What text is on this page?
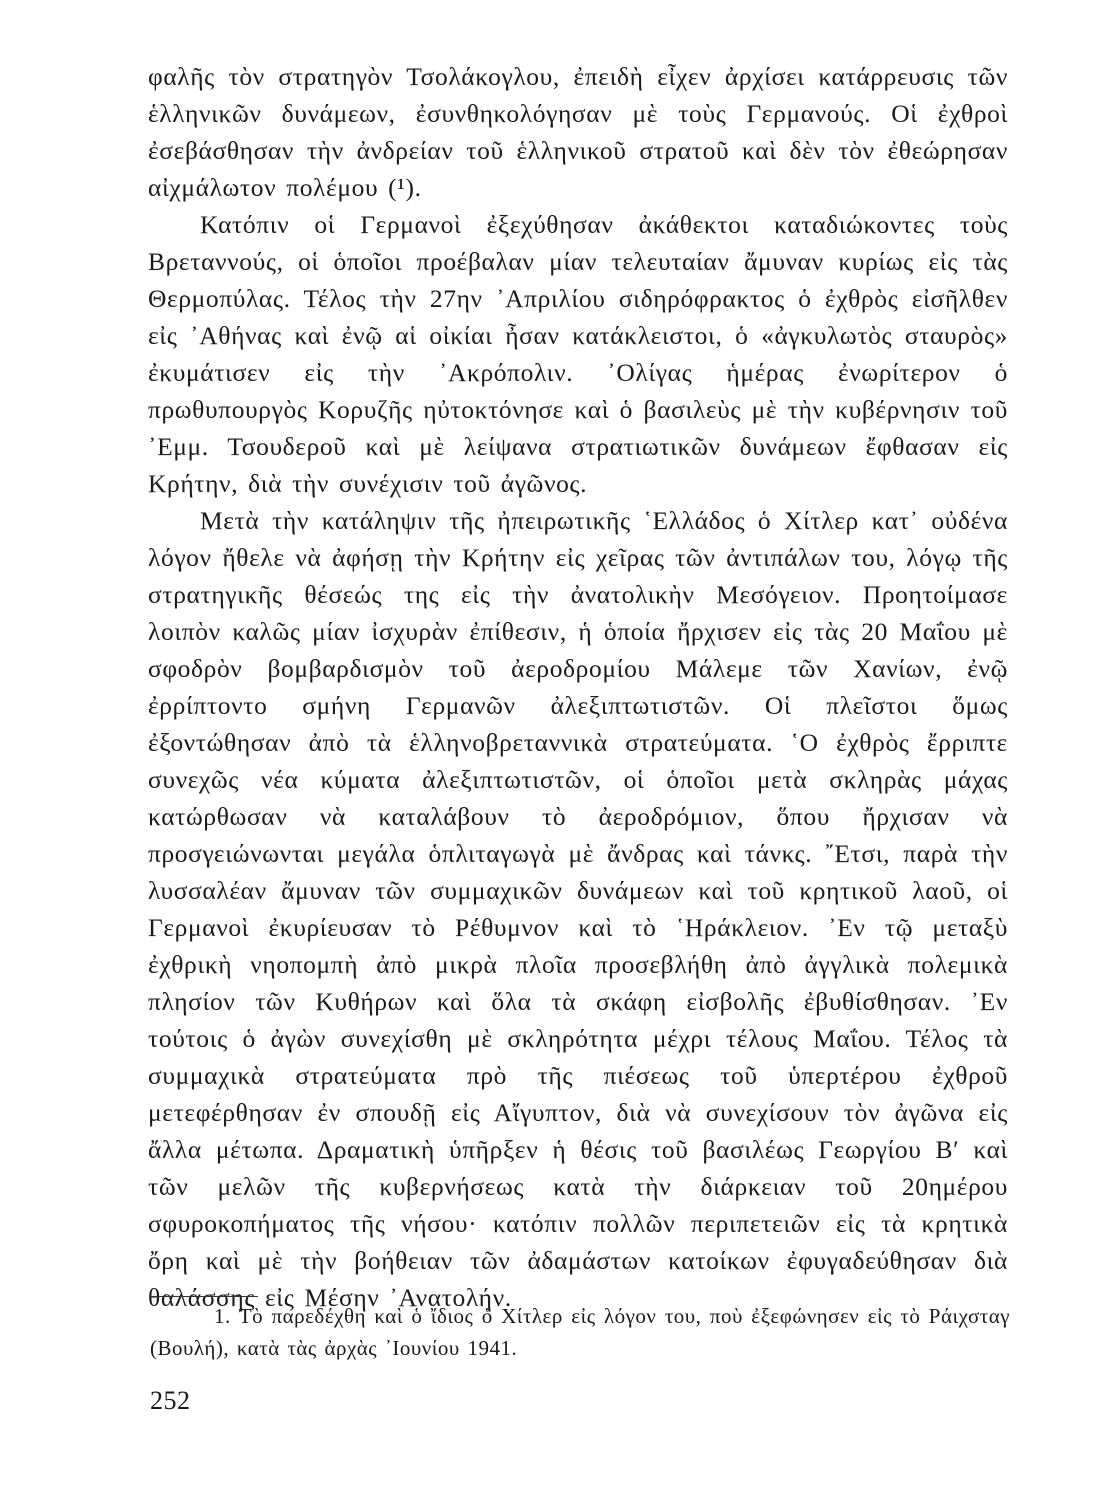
φαλῆς τὸν στρατηγὸν Τσολάκογλου, ἐπειδὴ εἶχεν ἀρχίσει κατάρρευσις τῶν ἑλληνικῶν δυνάμεων, ἐσυνθηκολόγησαν μὲ τοὺς Γερμανούς. Οἱ ἐχθροὶ ἐσεβάσθησαν τὴν ἀνδρείαν τοῦ ἑλληνικοῦ στρατοῦ καὶ δὲν τὸν ἐθεώρησαν αἰχμάλωτον πολέμου (¹).

Κατόπιν οἱ Γερμανοὶ ἐξεχύθησαν ἀκάθεκτοι καταδιώκοντες τοὺς Βρεταννούς, οἱ ὁποῖοι προέβαλαν μίαν τελευταίαν ἄμυναν κυρίως εἰς τὰς Θερμοπύλας. Τέλος τὴν 27ην ᾿Απριλίου σιδηρόφρακτος ὁ ἐχθρὸς εἰσῆλθεν εἰς ᾿Αθήνας καὶ ἐνῷ αἱ οἰκίαι ἦσαν κατάκλειστοι, ὁ «ἀγκυλωτὸς σταυρὸς» ἐκυμάτισεν εἰς τὴν ᾿Ακρόπολιν. ᾿Ολίγας ἡμέρας ἐνωρίτερον ὁ πρωθυπουργὸς Κορυζῆς ηὐτοκτόνησε καὶ ὁ βασιλεὺς μὲ τὴν κυβέρνησιν τοῦ ᾿Εμμ. Τσουδεροῦ καὶ μὲ λείψανα στρατιωτικῶν δυνάμεων ἔφθασαν εἰς Κρήτην, διὰ τὴν συνέχισιν τοῦ ἀγῶνος.

Μετὰ τὴν κατάληψιν τῆς ἠπειρωτικῆς ῾Ελλάδος ὁ Χίτλερ κατ᾿ οὐδένα λόγον ἤθελε νὰ ἀφήσῃ τὴν Κρήτην εἰς χεῖρας τῶν ἀντιπάλων του, λόγῳ τῆς στρατηγικῆς θέσεώς της εἰς τὴν ἀνατολικὴν Μεσόγειον. Προητοίμασε λοιπὸν καλῶς μίαν ἰσχυρὰν ἐπίθεσιν, ἡ ὁποία ἤρχισεν εἰς τὰς 20 Μαΐου μὲ σφοδρὸν βομβαρδισμὸν τοῦ ἀεροδρομίου Μάλεμε τῶν Χανίων, ἐνῷ ἐρρίπτοντο σμήνη Γερμανῶν ἀλεξιπτωτιστῶν. Οἱ πλεῖστοι ὅμως ἐξοντώθησαν ἀπὸ τὰ ἑλληνοβρεταννικὰ στρατεύματα. ῾Ο ἐχθρὸς ἔρριπτε συνεχῶς νέα κύματα ἀλεξιπτωτιστῶν, οἱ ὁποῖοι μετὰ σκληρὰς μάχας κατώρθωσαν νὰ καταλάβουν τὸ ἀεροδρόμιον, ὅπου ἤρχισαν νὰ προσγειώνωνται μεγάλα ὁπλιταγωγὰ μὲ ἄνδρας καὶ τάνκς. ῎Ετσι, παρὰ τὴν λυσσαλέαν ἄμυναν τῶν συμμαχικῶν δυνάμεων καὶ τοῦ κρητικοῦ λαοῦ, οἱ Γερμανοὶ ἐκυρίευσαν τὸ Ρέθυμνον καὶ τὸ ῾Ηράκλειον. ᾿Εν τῷ μεταξὺ ἐχθρικὴ νηοπομπὴ ἀπὸ μικρὰ πλοῖα προσεβλήθη ἀπὸ ἀγγλικὰ πολεμικὰ πλησίον τῶν Κυθήρων καὶ ὅλα τὰ σκάφη εἰσβολῆς ἐβυθίσθησαν. ᾿Εν τούτοις ὁ ἀγὼν συνεχίσθη μὲ σκληρότητα μέχρι τέλους Μαΐου. Τέλος τὰ συμμαχικὰ στρατεύματα πρὸ τῆς πιέσεως τοῦ ὑπερτέρου ἐχθροῦ μετεφέρθησαν ἐν σπουδῇ εἰς Αἴγυπτον, διὰ νὰ συνεχίσουν τὸν ἀγῶνα εἰς ἄλλα μέτωπα. Δραματικὴ ὑπῆρξεν ἡ θέσις τοῦ βασιλέως Γεωργίου Β′ καὶ τῶν μελῶν τῆς κυβερνήσεως κατὰ τὴν διάρκειαν τοῦ 20ημέρου σφυροκοπήματος τῆς νήσου· κατόπιν πολλῶν περιπετειῶν εἰς τὰ κρητικὰ ὄρη καὶ μὲ τὴν βοήθειαν τῶν ἀδαμάστων κατοίκων ἐφυγαδεύθησαν διὰ θαλάσσης εἰς Μέσην ᾿Ανατολήν.

1. Τὸ παρεδέχθη καὶ ὁ ἴδιος ὁ Χίτλερ εἰς λόγον του, ποὺ ἐξεφώνησεν εἰς τὸ Ράιχσταγ (Βουλή), κατὰ τὰς ἀρχὰς ᾿Ιουνίου 1941.
252
